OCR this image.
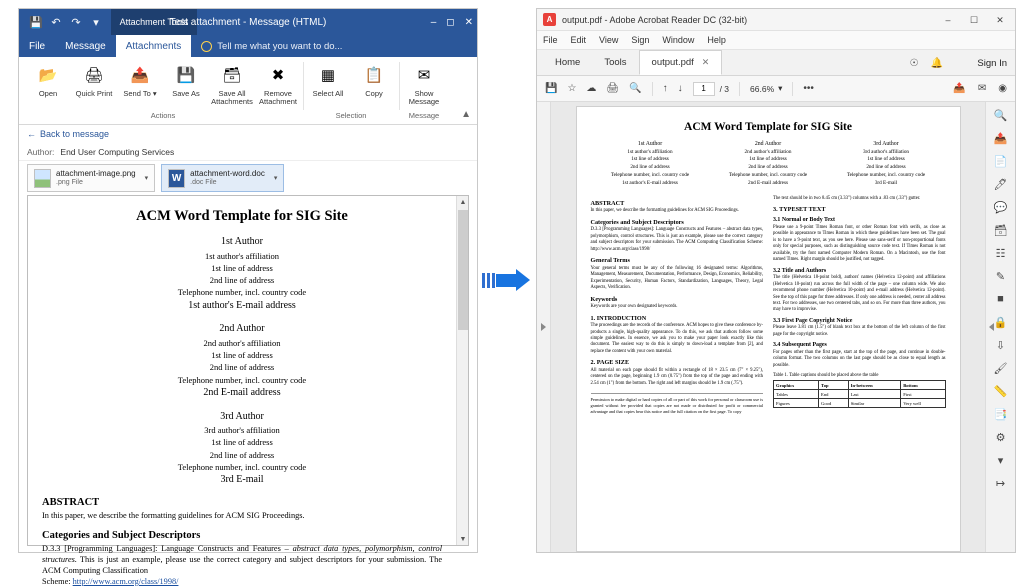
💾 ↶ ↷	▾	Attachment Tools
Test attachment - Message (HTML)	– ◻ ✕
File	Message	Attachments	Tell me what you want to do...
📂
Open
🖨
Quick Print
📤
Send To ▾
💾
Save As
🗃
Save All Attachments
✖
Remove Attachment
Actions
▦
Select All
📋
Copy
Selection
✉
Show Message
Message ▲
← Back to message
Author: End User Computing Services
attachment-image.png
.png File
▾
W
attachment-word.doc
.doc File
▾
ACM Word Template for SIG Site
1st Author
1st author's affiliation
1st line of address
2nd line of address
Telephone number, incl. country code
1st author's E-mail address
2nd Author
2nd author's affiliation
1st line of address
2nd line of address
Telephone number, incl. country code
2nd E-mail address
3rd Author
3rd author's affiliation
1st line of address
2nd line of address
Telephone number, incl. country code
3rd E-mail
ABSTRACT
In this paper, we describe the formatting guidelines for ACM SIG Proceedings.
Categories and Subject Descriptors
D.3.3 [Programming Languages]: Language Constructs and Features – abstract data types, polymorphism, control structures. This is just an example, please use the correct category and subject descriptors for your submission. The ACM Computing Classification
Scheme: http://www.acm.org/class/1998/
▲
▼
A	output.pdf - Adobe Acrobat Reader DC (32-bit)	–	☐	✕
File Edit View Sign Window Help
Home	Tools	output.pdf ✕	☉ 🔔	Sign In
💾 ☆ ☁ 🖨 🔍 ↑ ↓
1	/ 3 66.6% ▾ •••	📤 ✉ ◉
ACM Word Template for SIG Site
1st Author
1st author's affiliation
1st line of address
2nd line of address
Telephone number, incl. country code
1st author's E-mail address
2nd Author
2nd author's affiliation
1st line of address
2nd line of address
Telephone number, incl. country code
2nd E-mail address
3rd Author
3rd author's affiliation
1st line of address
2nd line of address
Telephone number, incl. country code
3rd E-mail
ABSTRACT
In this paper, we describe the formatting guidelines for ACM SIG Proceedings.
Categories and Subject Descriptors
D.3.3 [Programming Languages]: Language Constructs and Features – abstract data types, polymorphism, control structures. This is just an example, please use the correct category and subject descriptors for your submission. The ACM Computing Classification Scheme: http://www.acm.org/class/1998/
General Terms
Your general terms must be any of the following 16 designated terms: Algorithms, Management, Measurement, Documentation, Performance, Design, Economics, Reliability, Experimentation, Security, Human Factors, Standardization, Languages, Theory, Legal Aspects, Verification.
Keywords
Keywords are your own designated keywords.
1. INTRODUCTION
The proceedings are the records of the conference. ACM hopes to give these conference by-products a single, high-quality appearance. To do this, we ask that authors follow some simple guidelines. In essence, we ask you to make your paper look exactly like this document. The easiest way to do this is simply to down-load a template from [2], and replace the content with your own material.
2. PAGE SIZE
All material on each page should fit within a rectangle of 18 × 23.5 cm (7" × 9.25"), centered on the page, beginning 1.9 cm (0.75") from the top of the page and ending with 2.54 cm (1") from the bottom. The right and left margins should be 1.9 cm (.75").
Permission to make digital or hard copies of all or part of this work for personal or classroom use is granted without fee provided that copies are not made or distributed for profit or commercial advantage and that copies bear this notice and the full citation on the first page. To copy
The text should be in two 8.45 cm (3.33") columns with a .83 cm (.33") gutter.
3. TYPESET TEXT
3.1 Normal or Body Text
Please use a 9-point Times Roman font, or other Roman font with serifs, as close as possible in appearance to Times Roman in which these guidelines have been set. The goal is to have a 9-point text, as you see here. Please use sans-serif or non-proportional fonts only for special purposes, such as distinguishing source code text. If Times Roman is not available, try the font named Computer Modern Roman. On a Macintosh, use the font named Times. Right margin should be justified, not ragged.
3.2 Title and Authors
The title (Helvetica 18-point bold), authors' names (Helvetica 12-point) and affiliations (Helvetica 10-point) run across the full width of the page – one column wide. We also recommend phone number (Helvetica 10-point) and e-mail address (Helvetica 12-point). See the top of this page for three addresses. If only one address is needed, center all address text. For two addresses, use two centered tabs, and so on. For more than three authors, you may have to improvise.
3.3 First Page Copyright Notice
Please leave 3.81 cm (1.5") of blank text box at the bottom of the left column of the first page for the copyright notice.
3.4 Subsequent Pages
For pages other than the first page, start at the top of the page, and continue in double-column format. The two columns on the last page should be as close to equal length as possible.
Table 1. Table captions should be placed above the table
Graphics	Top	In-between	Bottom
Tables	End	Last	First
Figures	Good	Similar	Very well
🔍
📤
📄
🖊
💬
🗃
☷
✎
■
🔒
⇩
🖌
📏
📑
⚙
▾
↦
